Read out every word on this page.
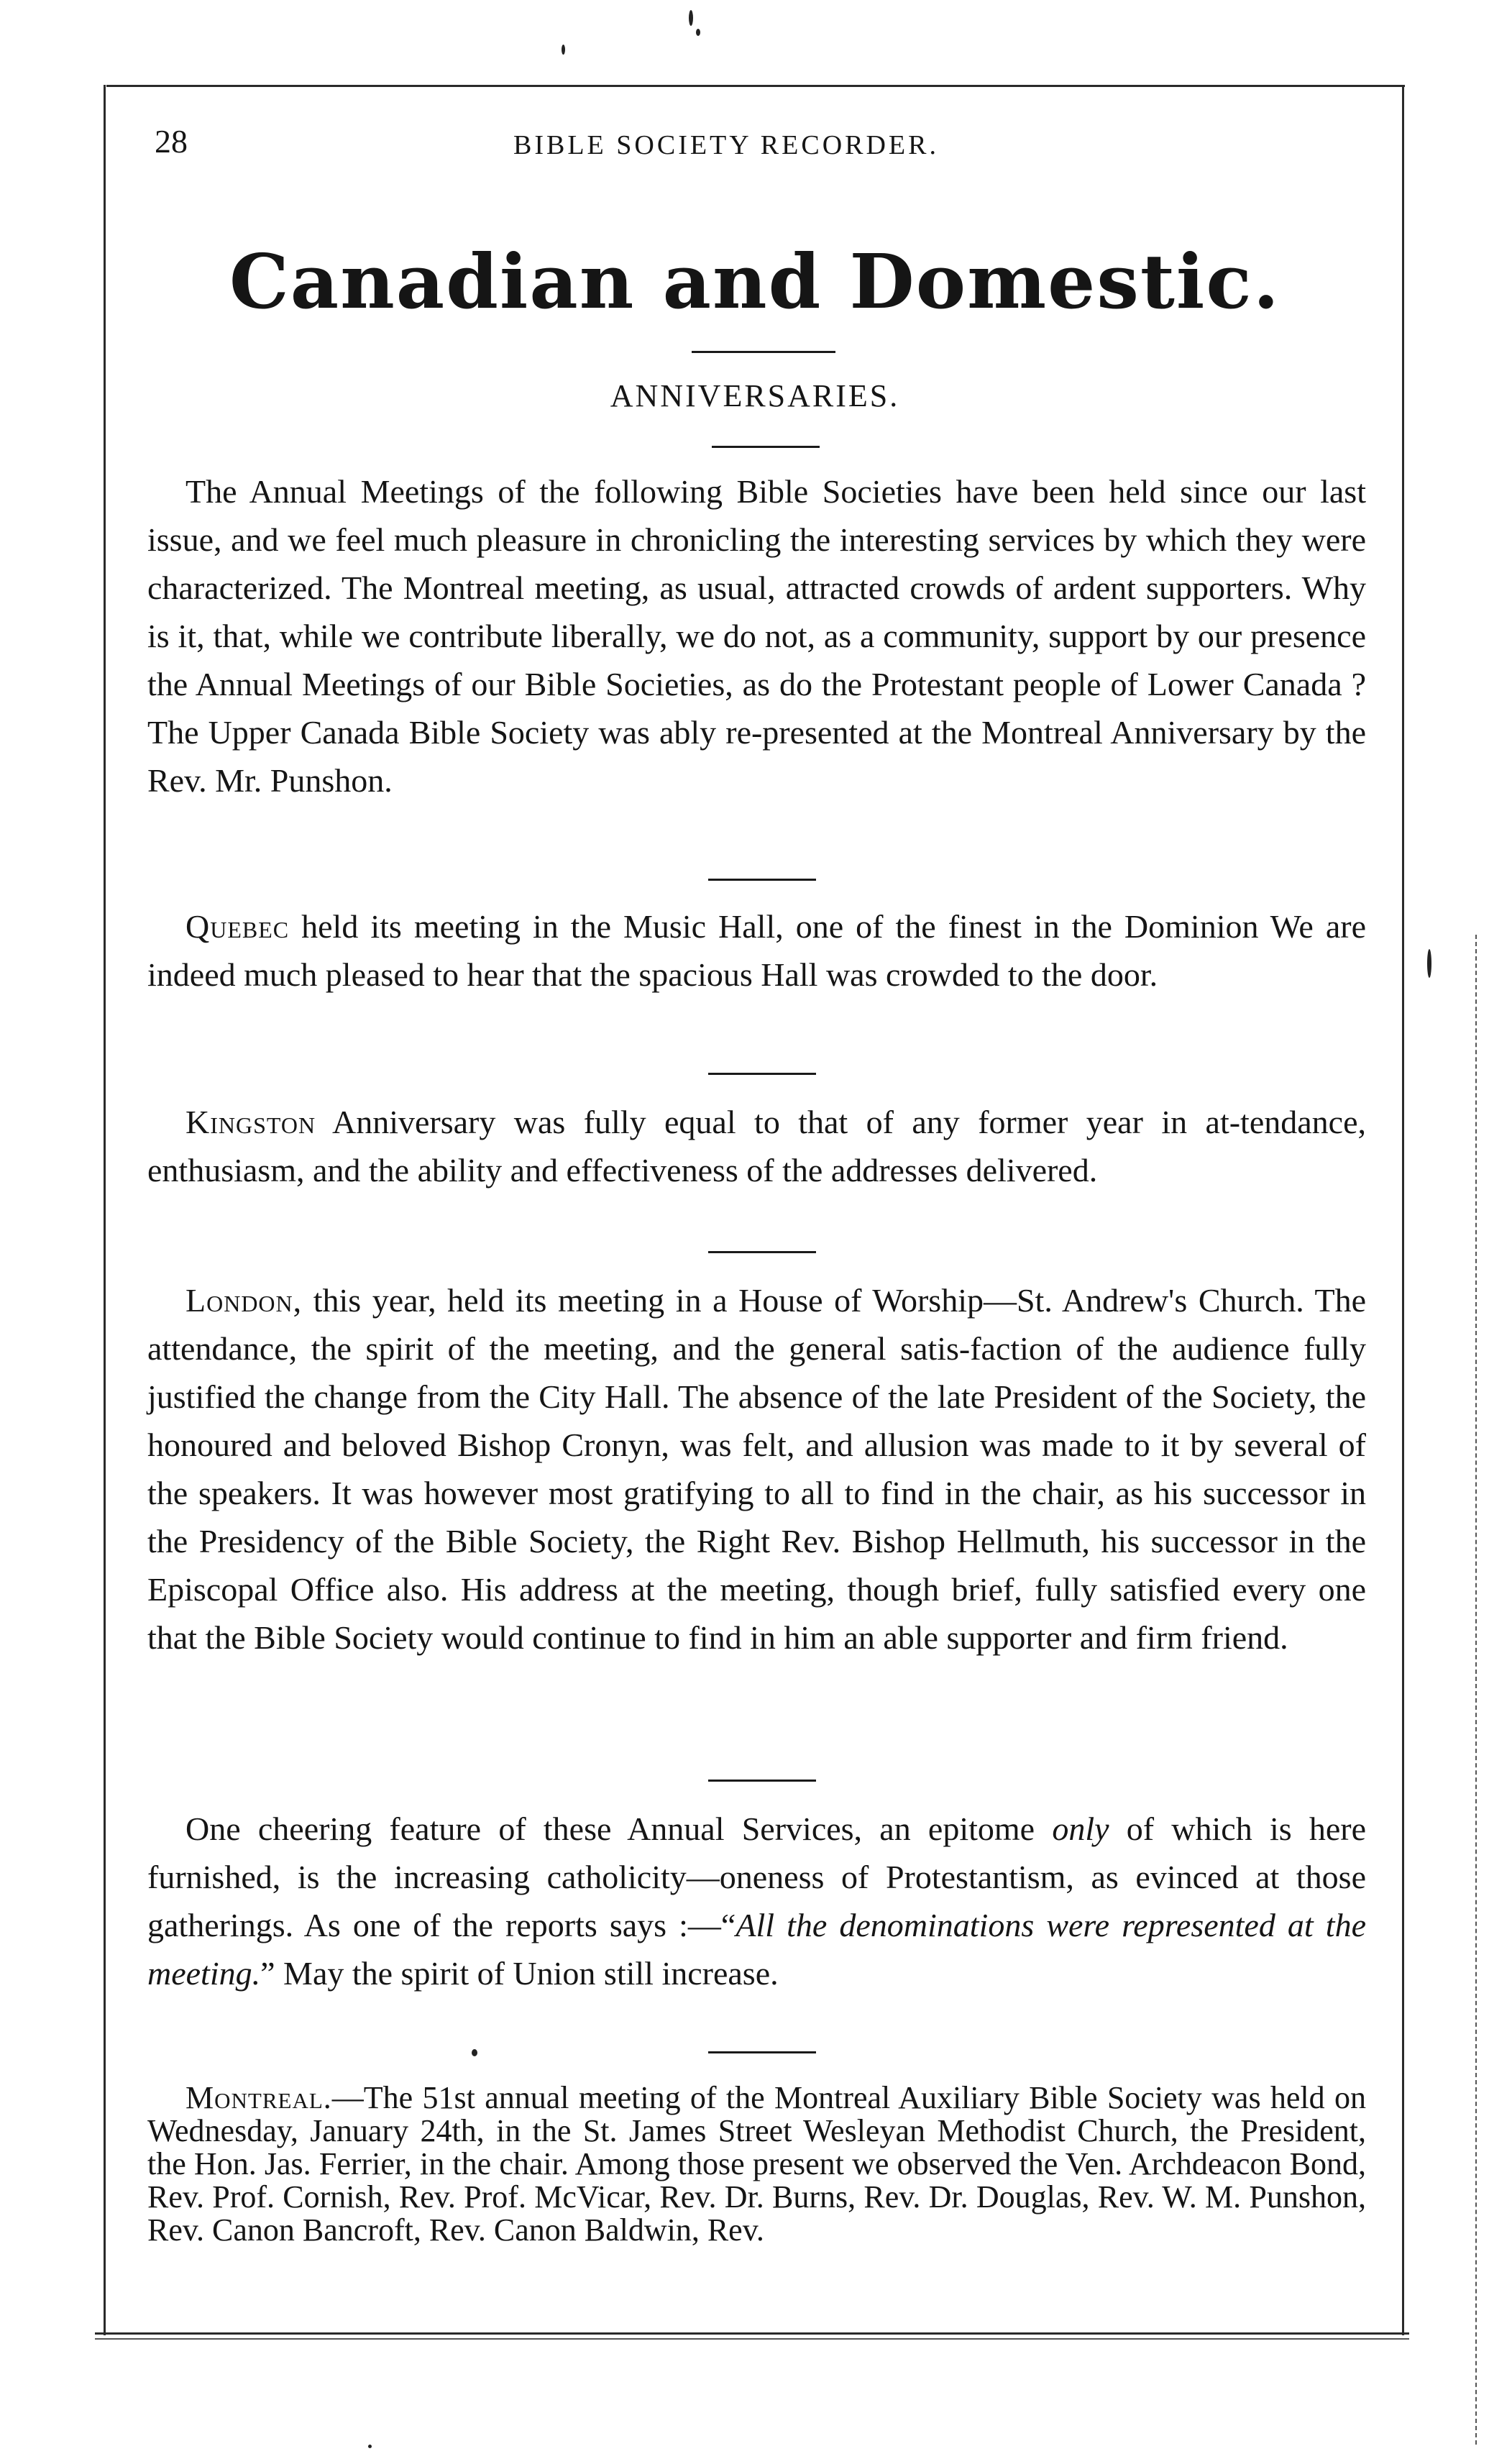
28	BIBLE SOCIETY RECORDER.
Canadian and Domestic.
ANNIVERSARIES.

The Annual Meetings of the following Bible Societies have been held since our last issue, and we feel much pleasure in chronicling the interesting services by which they were characterized. The Montreal meeting, as usual, attracted crowds of ardent supporters. Why is it, that, while we contribute liberally, we do not, as a community, support by our presence the Annual Meetings of our Bible Societies, as do the Protestant people of Lower Canada ? The Upper Canada Bible Society was ably re-presented at the Montreal Anniversary by the Rev. Mr. Punshon.

Quebec held its meeting in the Music Hall, one of the finest in the Dominion We are indeed much pleased to hear that the spacious Hall was crowded to the door.

Kingston Anniversary was fully equal to that of any former year in at-tendance, enthusiasm, and the ability and effectiveness of the addresses delivered.

London, this year, held its meeting in a House of Worship—St. Andrew's Church. The attendance, the spirit of the meeting, and the general satis-faction of the audience fully justified the change from the City Hall. The absence of the late President of the Society, the honoured and beloved Bishop Cronyn, was felt, and allusion was made to it by several of the speakers. It was however most gratifying to all to find in the chair, as his successor in the Presidency of the Bible Society, the Right Rev. Bishop Hellmuth, his successor in the Episcopal Office also. His address at the meeting, though brief, fully satisfied every one that the Bible Society would continue to find in him an able supporter and firm friend.

One cheering feature of these Annual Services, an epitome only of which is here furnished, is the increasing catholicity—oneness of Protestantism, as evinced at those gatherings. As one of the reports says :—“All the denominations were represented at the meeting.” May the spirit of Union still increase.

Montreal.—The 51st annual meeting of the Montreal Auxiliary Bible Society was held on Wednesday, January 24th, in the St. James Street Wesleyan Methodist Church, the President, the Hon. Jas. Ferrier, in the chair. Among those present we observed the Ven. Archdeacon Bond, Rev. Prof. Cornish, Rev. Prof. McVicar, Rev. Dr. Burns, Rev. Dr. Douglas, Rev. W. M. Punshon, Rev. Canon Bancroft, Rev. Canon Baldwin, Rev.
